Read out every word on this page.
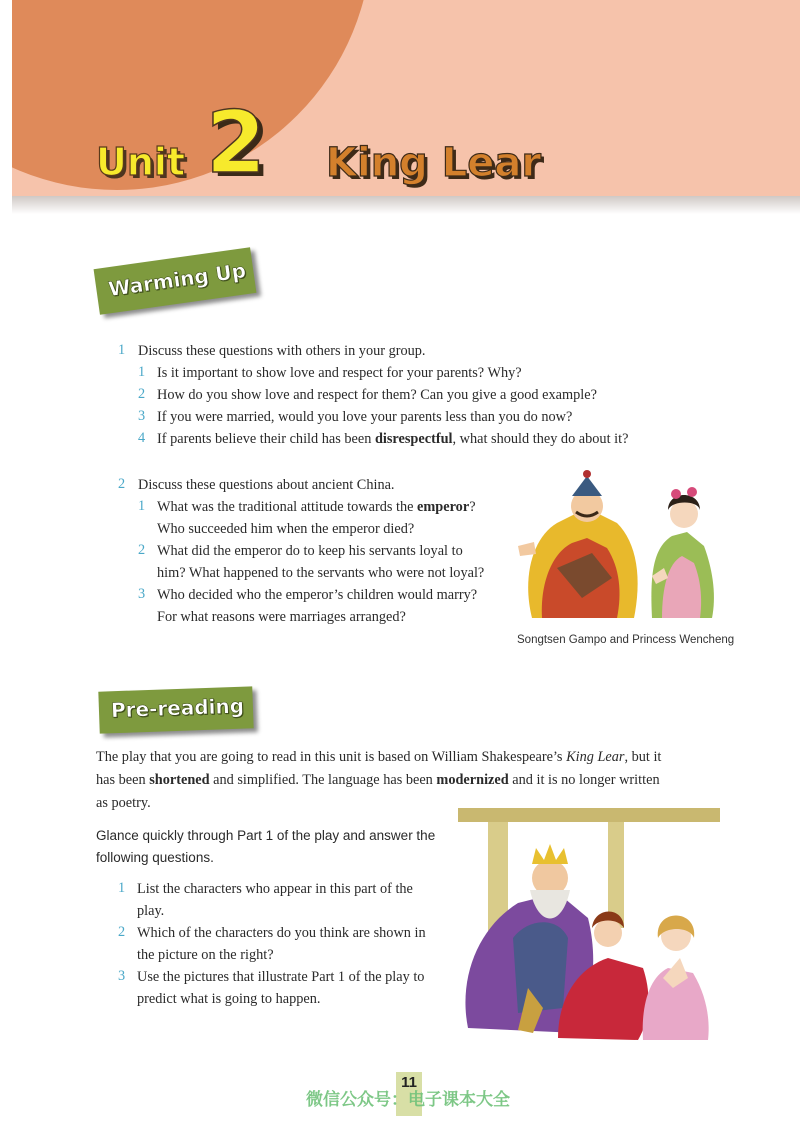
Unit 2 King Lear
Warming Up
1 Discuss these questions with others in your group.
1 Is it important to show love and respect for your parents? Why?
2 How do you show love and respect for them? Can you give a good example?
3 If you were married, would you love your parents less than you do now?
4 If parents believe their child has been disrespectful, what should they do about it?
2 Discuss these questions about ancient China.
1 What was the traditional attitude towards the emperor?
Who succeeded him when the emperor died?
2 What did the emperor do to keep his servants loyal to
him? What happened to the servants who were not loyal?
3 Who decided who the emperor’s children would marry?
For what reasons were marriages arranged?
Songtsen Gampo and Princess Wencheng
Pre-reading
The play that you are going to read in this unit is based on William Shakespeare’s King Lear, but it
has been shortened and simplified. The language has been modernized and it is no longer written
as poetry.
Glance quickly through Part 1 of the play and answer the
following questions.
1 List the characters who appear in this part of the
play.
2 Which of the characters do you think are shown in
the picture on the right?
3 Use the pictures that illustrate Part 1 of the play to
predict what is going to happen.
11
微信公众号：电子课本大全
